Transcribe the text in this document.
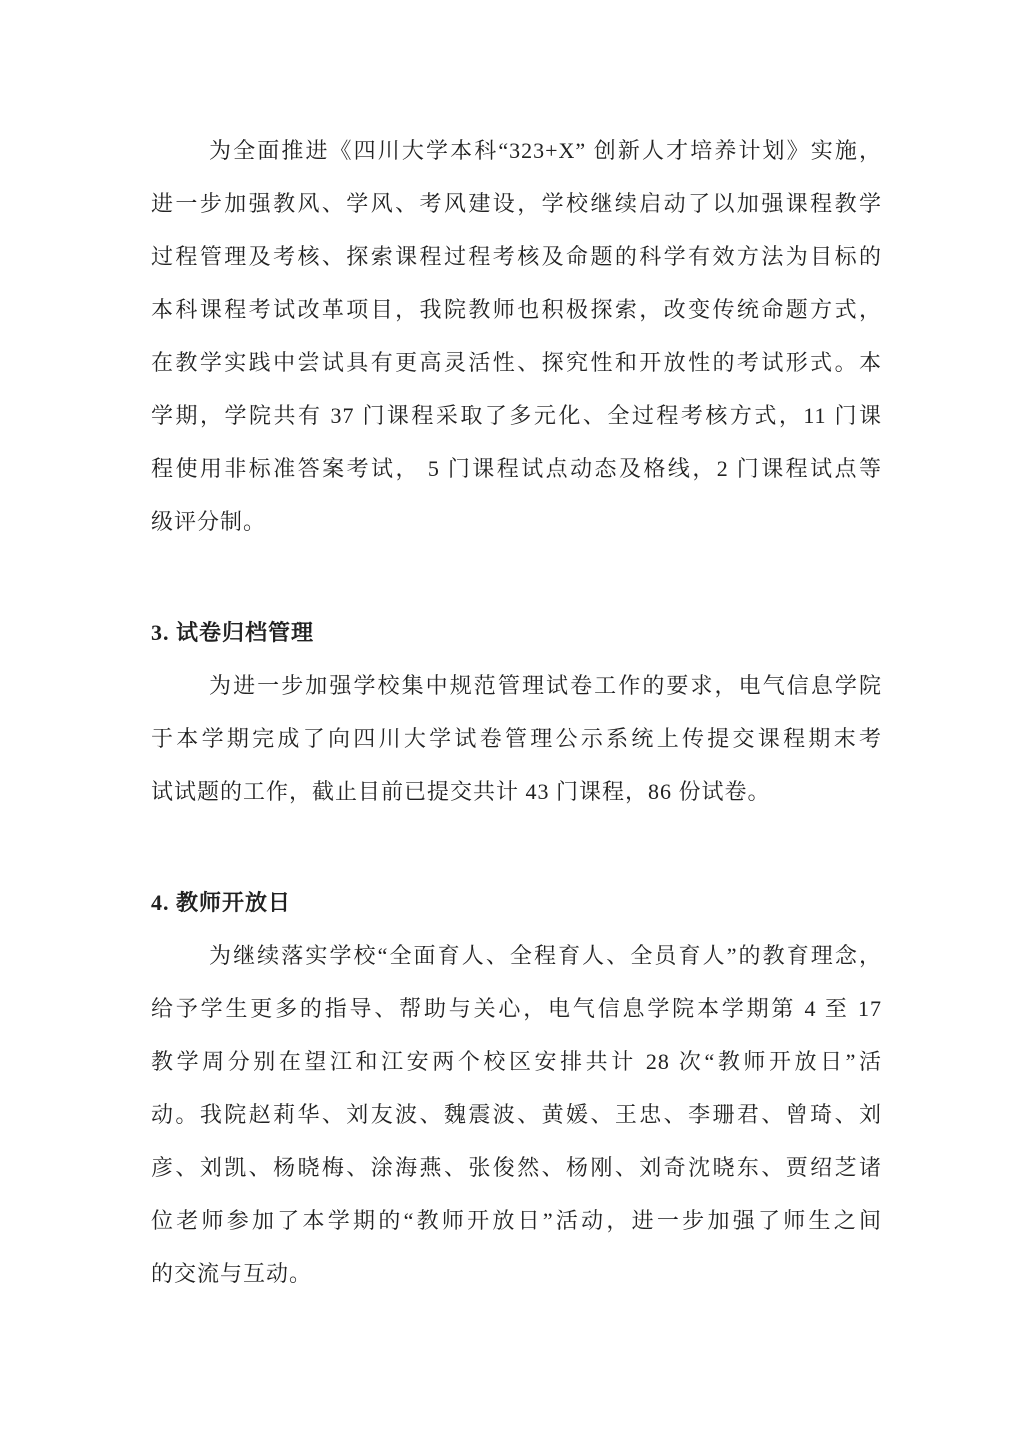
为全面推进《四川大学本科“323+X” 创新人才培养计划》实施，

进一步加强教风、学风、考风建设，学校继续启动了以加强课程教学

过程管理及考核、探索课程过程考核及命题的科学有效方法为目标的

本科课程考试改革项目，我院教师也积极探索，改变传统命题方式，

在教学实践中尝试具有更高灵活性、探究性和开放性的考试形式。本

学期，学院共有 37 门课程采取了多元化、全过程考核方式，11 门课

程使用非标准答案考试， 5 门课程试点动态及格线，2 门课程试点等

级评分制。

3. 试卷归档管理

为进一步加强学校集中规范管理试卷工作的要求，电气信息学院

于本学期完成了向四川大学试卷管理公示系统上传提交课程期末考

试试题的工作，截止目前已提交共计 43 门课程，86 份试卷。

4. 教师开放日

为继续落实学校“全面育人、全程育人、全员育人”的教育理念，

给予学生更多的指导、帮助与关心，电气信息学院本学期第 4 至 17

教学周分别在望江和江安两个校区安排共计 28 次“教师开放日”活

动。我院赵莉华、刘友波、魏震波、黄媛、王忠、李珊君、曾琦、刘

彦、刘凯、杨晓梅、涂海燕、张俊然、杨刚、刘奇沈晓东、贾绍芝诸

位老师参加了本学期的“教师开放日”活动，进一步加强了师生之间

的交流与互动。
